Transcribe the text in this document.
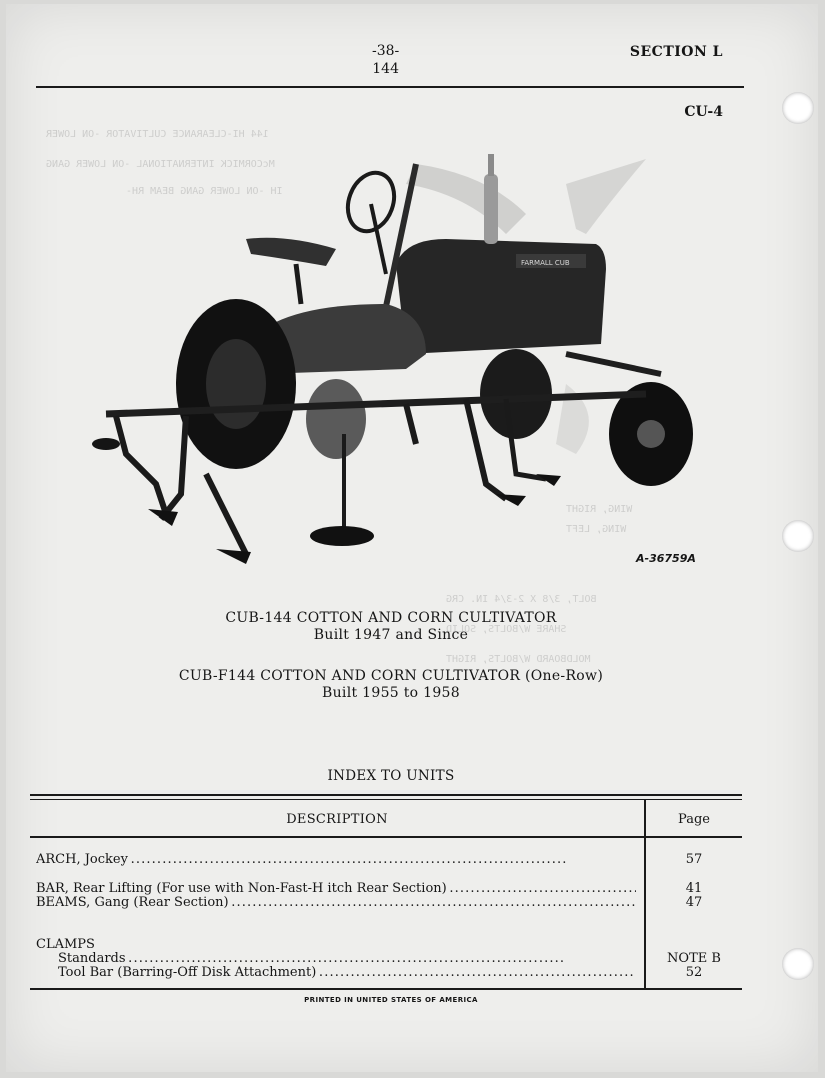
144 HI-CLEARANCE CULTIVATOR -ON LOWER
McCORMICK INTERNATIONAL -ON LOWER GANG
IH -ON LOWER GANG BEAM RH-
WING, RIGHT
WING, LEFT
BOLT, 3/8 X 2-3/4 IN. CRG
SHARE W/BOLTS, SOLID
MOLDBOARD W/BOLTS, RIGHT
-38-
144
SECTION L
CU-4
FARMALL CUB
A-36759A
CUB-144 COTTON AND CORN CULTIVATOR
Built 1947 and Since
CUB-F144 COTTON AND CORN CULTIVATOR (One-Row)
Built 1955 to 1958
INDEX TO UNITS
DESCRIPTION	Page
ARCH, Jockey . . .	57
BAR, Rear Lifting (For use with Non-Fast-H itch Rear Section) . . .	41
BEAMS, Gang (Rear Section) . . .	47
CLAMPS
Standards . . .	NOTE B
Tool Bar (Barring-Off Disk Attachment) . . .	52
PRINTED IN UNITED STATES OF AMERICA
